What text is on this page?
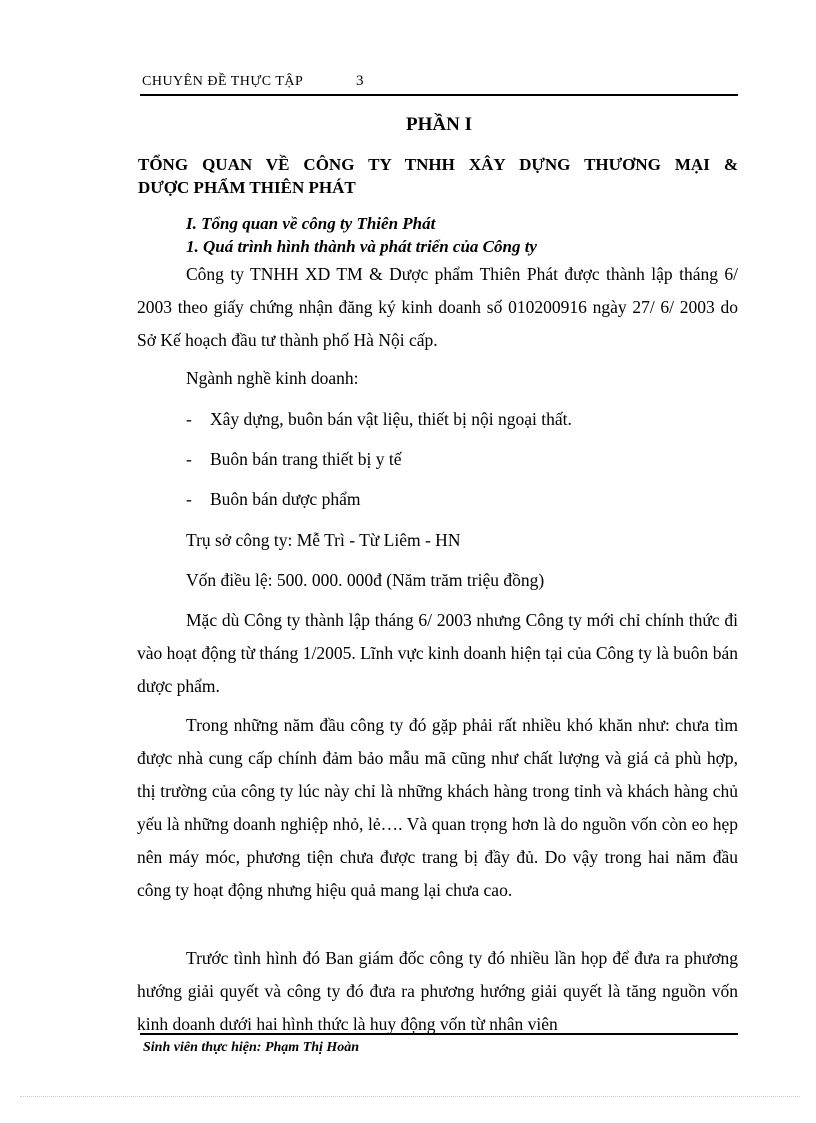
CHUYÊN ĐỀ THỰC TẬP	3
PHẦN I
TỔNG QUAN VỀ CÔNG TY TNHH XÂY DỰNG THƯƠNG MẠI &
DƯỢC PHẨM THIÊN PHÁT
I. Tổng quan về công ty Thiên Phát
1. Quá trình hình thành và phát triển của Công ty

Công ty TNHH XD TM & Dược phẩm Thiên Phát được thành lập tháng 6/ 2003 theo giấy chứng nhận đăng ký kinh doanh số 010200916 ngày 27/ 6/ 2003 do Sở Kế hoạch đầu tư thành phố Hà Nội cấp.

Ngành nghề kinh doanh:
- Xây dựng, buôn bán vật liệu, thiết bị nội ngoại thất.
- Buôn bán trang thiết bị y tế
- Buôn bán dược phẩm
Trụ sở công ty: Mễ Trì - Từ Liêm - HN
Vốn điều lệ: 500. 000. 000đ (Năm trăm triệu đồng)

Mặc dù Công ty thành lập tháng 6/ 2003 nhưng Công ty mới chỉ chính thức đi vào hoạt động từ tháng 1/2005. Lĩnh vực kinh doanh hiện tại của Công ty là buôn bán dược phẩm.

Trong những năm đầu công ty đó gặp phải rất nhiều khó khăn như: chưa tìm được nhà cung cấp chính đảm bảo mẫu mã cũng như chất lượng và giá cả phù hợp, thị trường của công ty lúc này chỉ là những khách hàng trong tỉnh và khách hàng chủ yếu là những doanh nghiệp nhỏ, lẻ…. Và quan trọng hơn là do nguồn vốn còn eo hẹp nên máy móc, phương tiện chưa được trang bị đầy đủ. Do vậy trong hai năm đầu công ty hoạt động nhưng hiệu quả mang lại chưa cao.

Trước tình hình đó Ban giám đốc công ty đó nhiều lần họp để đưa ra phương hướng giải quyết và công ty đó đưa ra phương hướng giải quyết là tăng nguồn vốn kinh doanh dưới hai hình thức là huy động vốn từ nhân viên

Sinh viên thực hiện: Phạm Thị Hoàn
